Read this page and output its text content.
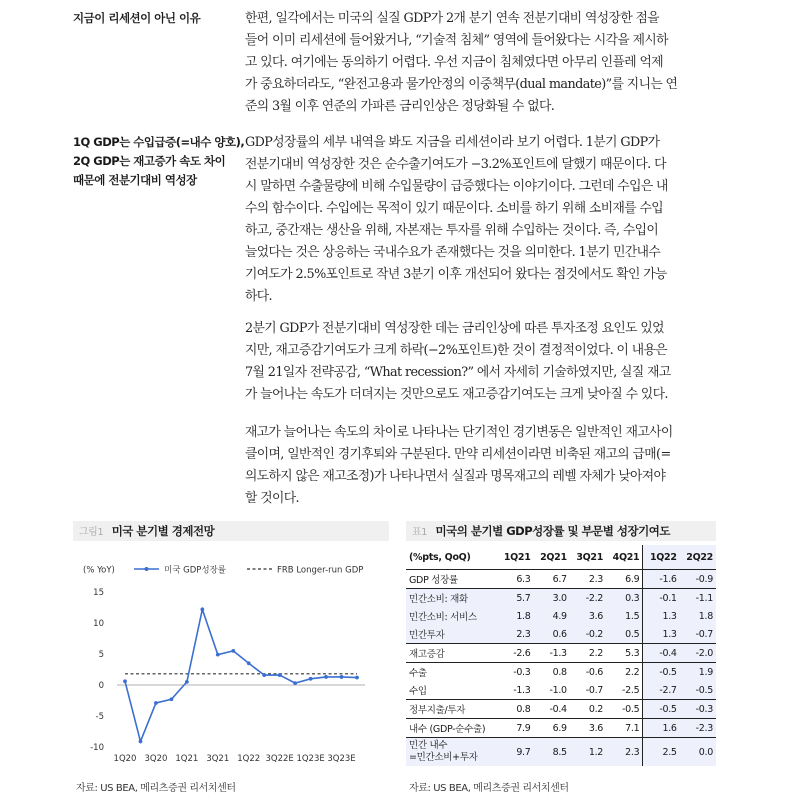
지금이 리세션이 아닌 이유	한편, 일각에서는 미국의 실질 GDP가 2개 분기 연속 전분기대비 역성장한 점을
들어 이미 리세션에 들어왔거나, “기술적 침체” 영역에 들어왔다는 시각을 제시하
고 있다. 여기에는 동의하기 어렵다. 우선 지금이 침체였다면 아무리 인플레 억제
가 중요하더라도, “완전고용과 물가안정의 이중책무(dual mandate)”를 지니는 연
준의 3월 이후 연준의 가파른 금리인상은 정당화될 수 없다.
1Q GDP는 수입급증(=내수 양호),
2Q GDP는 재고증가 속도 차이
때문에 전분기대비 역성장
GDP성장률의 세부 내역을 봐도 지금을 리세션이라 보기 어렵다. 1분기 GDP가
전분기대비 역성장한 것은 순수출기여도가 −3.2%포인트에 달했기 때문이다. 다
시 말하면 수출물량에 비해 수입물량이 급증했다는 이야기이다. 그런데 수입은 내
수의 함수이다. 수입에는 목적이 있기 때문이다. 소비를 하기 위해 소비재를 수입
하고, 중간재는 생산을 위해, 자본재는 투자를 위해 수입하는 것이다. 즉, 수입이
늘었다는 것은 상응하는 국내수요가 존재했다는 것을 의미한다. 1분기 민간내수
기여도가 2.5%포인트로 작년 3분기 이후 개선되어 왔다는 점것에서도 확인 가능
하다.
2분기 GDP가 전분기대비 역성장한 데는 금리인상에 따른 투자조정 요인도 있었
지만, 재고증감기여도가 크게 하락(−2%포인트)한 것이 결정적이었다. 이 내용은
7월 21일자 전략공감, “What recession?” 에서 자세히 기술하였지만, 실질 재고
가 늘어나는 속도가 더뎌지는 것만으로도 재고증감기여도는 크게 낮아질 수 있다.
재고가 늘어나는 속도의 차이로 나타나는 단기적인 경기변동은 일반적인 재고사이
클이며, 일반적인 경기후퇴와 구분된다. 만약 리세션이라면 비축된 재고의 급매(=
의도하지 않은 재고조정)가 나타나면서 실질과 명목재고의 레벨 자체가 낮아져야
할 것이다.
그림1 미국 분기별 경제전망
미국 GDP성장률	FRB Longer-run GDP
(% YoY)
15
10
5
0
-5
-10
1Q20 3Q20 1Q21 3Q21 1Q22 3Q22E 1Q23E 3Q23E
자료: US BEA, 메리츠증권 리서치센터
표1 미국의 분기별 GDP성장률 및 부문별 성장기여도
(%pts, QoQ)	1Q21	2Q21	3Q21	4Q21	1Q22	2Q22
GDP 성장률	6.3	6.7	2.3	6.9	-1.6	-0.9
민간소비: 재화	5.7	3.0	-2.2	0.3	-0.1	-1.1
민간소비: 서비스	1.8	4.9	3.6	1.5	1.3	1.8
민간투자	2.3	0.6	-0.2	0.5	1.3	-0.7
재고증감	-2.6	-1.3	2.2	5.3	-0.4	-2.0
수출	-0.3	0.8	-0.6	2.2	-0.5	1.9
수입	-1.3	-1.0	-0.7	-2.5	-2.7	-0.5
정부지출/투자	0.8	-0.4	0.2	-0.5	-0.5	-0.3
내수 (GDP-순수출)	7.9	6.9	3.6	7.1	1.6	-2.3

민간 내수
=민간소비+투자	9.7	8.5	1.2	2.3	2.5	0.0
자료: US BEA, 메리츠증권 리서치센터
